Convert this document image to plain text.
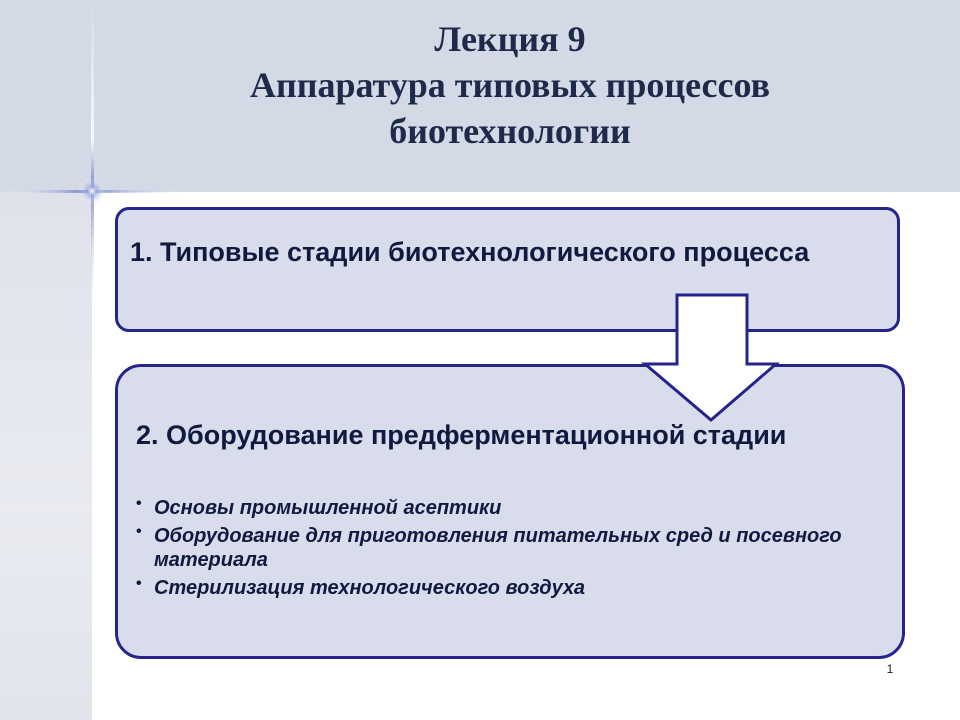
Лекция 9
Аппаратура типовых процессов
биотехнологии

1. Типовые стадии биотехнологического процесса

2. Оборудование предферментационной стадии

• Основы промышленной асептики
• Оборудование для приготовления питательных сред и посевного материала
• Стерилизация технологического воздуха
1
